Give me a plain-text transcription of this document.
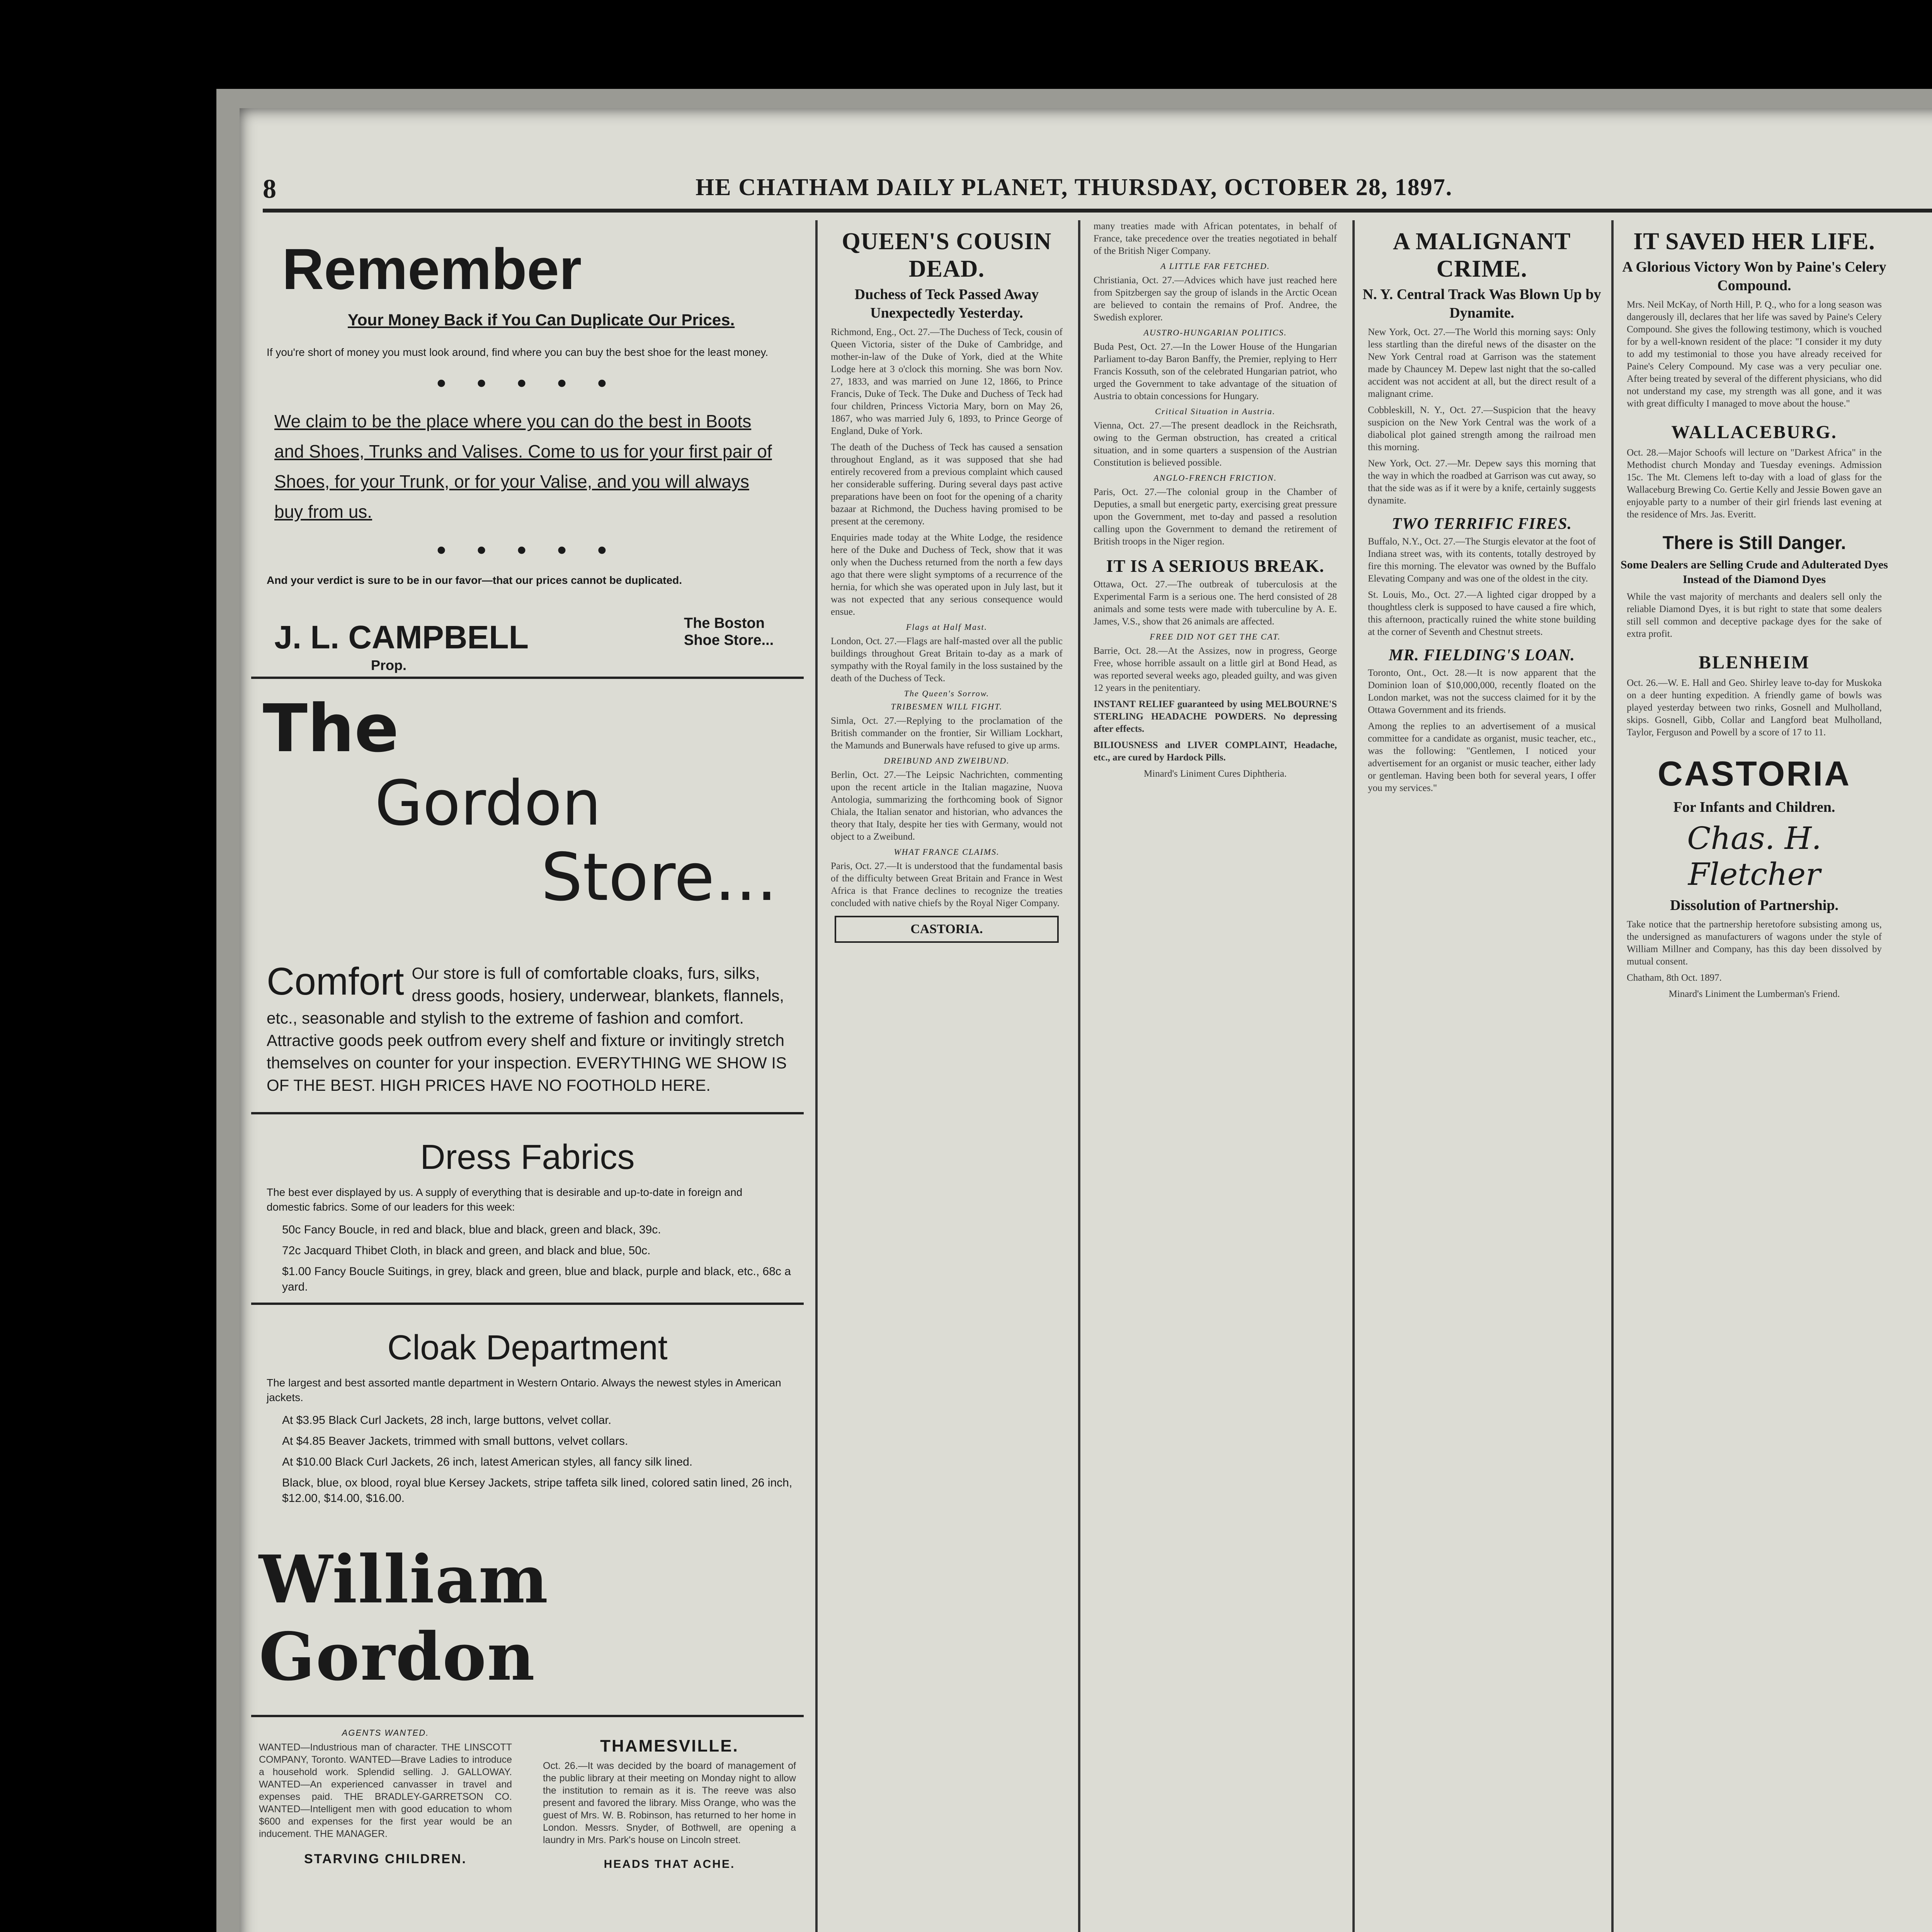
8	HE CHATHAM DAILY PLANET, THURSDAY, OCTOBER 28, 1897.
Remember
Your Money Back if You Can Duplicate Our Prices.
If you're short of money you must look around, find where you can buy the best shoe for the least money.
• • • • •
We claim to be the place where you can do the best in Boots and Shoes, Trunks and Valises. Come to us for your first pair of Shoes, for your Trunk, or for your Valise, and you will always buy from us.
• • • • •
And your verdict is sure to be in our favor—that our prices cannot be duplicated.
J. L. CAMPBELL
Prop.
The Boston Shoe Store...
The
Gordon
Store...
Comfort Our store is full of comfortable cloaks, furs, silks, dress goods, hosiery, underwear, blankets, flannels, etc., seasonable and stylish to the extreme of fashion and comfort. Attractive goods peek outfrom every shelf and fixture or invitingly stretch themselves on counter for your inspection. EVERYTHING WE SHOW IS OF THE BEST. HIGH PRICES HAVE NO FOOTHOLD HERE.
Dress Fabrics
The best ever displayed by us. A supply of everything that is desirable and up-to-date in foreign and domestic fabrics. Some of our leaders for this week:

50c Fancy Boucle, in red and black, blue and black, green and black, 39c.

72c Jacquard Thibet Cloth, in black and green, and black and blue, 50c.

$1.00 Fancy Boucle Suitings, in grey, black and green, blue and black, purple and black, etc., 68c a yard.

Cloak Department
The largest and best assorted mantle department in Western Ontario. Always the newest styles in American jackets.

At $3.95 Black Curl Jackets, 28 inch, large buttons, velvet collar.

At $4.85 Beaver Jackets, trimmed with small buttons, velvet collars.

At $10.00 Black Curl Jackets, 26 inch, latest American styles, all fancy silk lined.

Black, blue, ox blood, royal blue Kersey Jackets, stripe taffeta silk lined, colored satin lined, 26 inch, $12.00, $14.00, $16.00.

William Gordon
AGENTS WANTED.
WANTED—Industrious man of character. THE LINSCOTT COMPANY, Toronto. WANTED—Brave Ladies to introduce a household work. Splendid selling. J. GALLOWAY. WANTED—An experienced canvasser in travel and expenses paid. THE BRADLEY-GARRETSON CO. WANTED—Intelligent men with good education to whom $600 and expenses for the first year would be an inducement. THE MANAGER.
STARVING CHILDREN.
THAMESVILLE.
Oct. 26.—It was decided by the board of management of the public library at their meeting on Monday night to allow the institution to remain as it is. The reeve was also present and favored the library. Miss Orange, who was the guest of Mrs. W. B. Robinson, has returned to her home in London. Messrs. Snyder, of Bothwell, are opening a laundry in Mrs. Park's house on Lincoln street.
HEADS THAT ACHE.
QUEEN'S COUSIN DEAD.
Duchess of Teck Passed Away Unexpectedly Yesterday.
Richmond, Eng., Oct. 27.—The Duchess of Teck, cousin of Queen Victoria, sister of the Duke of Cambridge, and mother-in-law of the Duke of York, died at the White Lodge here at 3 o'clock this morning. She was born Nov. 27, 1833, and was married on June 12, 1866, to Prince Francis, Duke of Teck. The Duke and Duchess of Teck had four children, Princess Victoria Mary, born on May 26, 1867, who was married July 6, 1893, to Prince George of England, Duke of York.
The death of the Duchess of Teck has caused a sensation throughout England, as it was supposed that she had entirely recovered from a previous complaint which caused her considerable suffering. During several days past active preparations have been on foot for the opening of a charity bazaar at Richmond, the Duchess having promised to be present at the ceremony.
Enquiries made today at the White Lodge, the residence here of the Duke and Duchess of Teck, show that it was only when the Duchess returned from the north a few days ago that there were slight symptoms of a recurrence of the hernia, for which she was operated upon in July last, but it was not expected that any serious consequence would ensue.
Flags at Half Mast.
London, Oct. 27.—Flags are half-masted over all the public buildings throughout Great Britain to-day as a mark of sympathy with the Royal family in the loss sustained by the death of the Duchess of Teck.
The Queen's Sorrow.
TRIBESMEN WILL FIGHT.
Simla, Oct. 27.—Replying to the proclamation of the British commander on the frontier, Sir William Lockhart, the Mamunds and Bunerwals have refused to give up arms.
DREIBUND AND ZWEIBUND.
Berlin, Oct. 27.—The Leipsic Nachrichten, commenting upon the recent article in the Italian magazine, Nuova Antologia, summarizing the forthcoming book of Signor Chiala, the Italian senator and historian, who advances the theory that Italy, despite her ties with Germany, would not object to a Zweibund.
WHAT FRANCE CLAIMS.
Paris, Oct. 27.—It is understood that the fundamental basis of the difficulty between Great Britain and France in West Africa is that France declines to recognize the treaties concluded with native chiefs by the Royal Niger Company.
CASTORIA.
many treaties made with African potentates, in behalf of France, take precedence over the treaties negotiated in behalf of the British Niger Company.
A LITTLE FAR FETCHED.
Christiania, Oct. 27.—Advices which have just reached here from Spitzbergen say the group of islands in the Arctic Ocean are believed to contain the remains of Prof. Andree, the Swedish explorer.
AUSTRO-HUNGARIAN POLITICS.
Buda Pest, Oct. 27.—In the Lower House of the Hungarian Parliament to-day Baron Banffy, the Premier, replying to Herr Francis Kossuth, son of the celebrated Hungarian patriot, who urged the Government to take advantage of the situation of Austria to obtain concessions for Hungary.
Critical Situation in Austria.
Vienna, Oct. 27.—The present deadlock in the Reichsrath, owing to the German obstruction, has created a critical situation, and in some quarters a suspension of the Austrian Constitution is believed possible.
ANGLO-FRENCH FRICTION.
Paris, Oct. 27.—The colonial group in the Chamber of Deputies, a small but energetic party, exercising great pressure upon the Government, met to-day and passed a resolution calling upon the Government to demand the retirement of British troops in the Niger region.
IT IS A SERIOUS BREAK.
Ottawa, Oct. 27.—The outbreak of tuberculosis at the Experimental Farm is a serious one. The herd consisted of 28 animals and some tests were made with tuberculine by A. E. James, V.S., show that 26 animals are affected.
FREE DID NOT GET THE CAT.
Barrie, Oct. 28.—At the Assizes, now in progress, George Free, whose horrible assault on a little girl at Bond Head, as was reported several weeks ago, pleaded guilty, and was given 12 years in the penitentiary.
INSTANT RELIEF guaranteed by using MELBOURNE'S STERLING HEADACHE POWDERS. No depressing after effects.
BILIOUSNESS and LIVER COMPLAINT, Headache, etc., are cured by Hardock Pills.
Minard's Liniment Cures Diphtheria.
A MALIGNANT CRIME.
N. Y. Central Track Was Blown Up by Dynamite.
New York, Oct. 27.—The World this morning says: Only less startling than the direful news of the disaster on the New York Central road at Garrison was the statement made by Chauncey M. Depew last night that the so-called accident was not accident at all, but the direct result of a malignant crime.
Cobbleskill, N. Y., Oct. 27.—Suspicion that the heavy suspicion on the New York Central was the work of a diabolical plot gained strength among the railroad men this morning.
New York, Oct. 27.—Mr. Depew says this morning that the way in which the roadbed at Garrison was cut away, so that the side was as if it were by a knife, certainly suggests dynamite.
TWO TERRIFIC FIRES.
Buffalo, N.Y., Oct. 27.—The Sturgis elevator at the foot of Indiana street was, with its contents, totally destroyed by fire this morning. The elevator was owned by the Buffalo Elevating Company and was one of the oldest in the city.
St. Louis, Mo., Oct. 27.—A lighted cigar dropped by a thoughtless clerk is supposed to have caused a fire which, this afternoon, practically ruined the white stone building at the corner of Seventh and Chestnut streets.
MR. FIELDING'S LOAN.
Toronto, Ont., Oct. 28.—It is now apparent that the Dominion loan of $10,000,000, recently floated on the London market, was not the success claimed for it by the Ottawa Government and its friends.
Among the replies to an advertisement of a musical committee for a candidate as organist, music teacher, etc., was the following: "Gentlemen, I noticed your advertisement for an organist or music teacher, either lady or gentleman. Having been both for several years, I offer you my services."
IT SAVED HER LIFE.
A Glorious Victory Won by Paine's Celery Compound.
Mrs. Neil McKay, of North Hill, P. Q., who for a long season was dangerously ill, declares that her life was saved by Paine's Celery Compound. She gives the following testimony, which is vouched for by a well-known resident of the place: "I consider it my duty to add my testimonial to those you have already received for Paine's Celery Compound. My case was a very peculiar one. After being treated by several of the different physicians, who did not understand my case, my strength was all gone, and it was with great difficulty I managed to move about the house."
WALLACEBURG.
Oct. 28.—Major Schoofs will lecture on "Darkest Africa" in the Methodist church Monday and Tuesday evenings. Admission 15c. The Mt. Clemens left to-day with a load of glass for the Wallaceburg Brewing Co. Gertie Kelly and Jessie Bowen gave an enjoyable party to a number of their girl friends last evening at the residence of Mrs. Jas. Everitt.
There is Still Danger.
Some Dealers are Selling Crude and Adulterated Dyes Instead of the Diamond Dyes
While the vast majority of merchants and dealers sell only the reliable Diamond Dyes, it is but right to state that some dealers still sell common and deceptive package dyes for the sake of extra profit.
BLENHEIM
Oct. 26.—W. E. Hall and Geo. Shirley leave to-day for Muskoka on a deer hunting expedition. A friendly game of bowls was played yesterday between two rinks, Gosnell and Mulholland, skips. Gosnell, Gibb, Collar and Langford beat Mulholland, Taylor, Ferguson and Powell by a score of 17 to 11.
CASTORIA
For Infants and Children.
Chas. H. Fletcher
Dissolution of Partnership.
Take notice that the partnership heretofore subsisting among us, the undersigned as manufacturers of wagons under the style of William Millner and Company, has this day been dissolved by mutual consent.
Chatham, 8th Oct. 1897.
Minard's Liniment the Lumberman's Friend.
